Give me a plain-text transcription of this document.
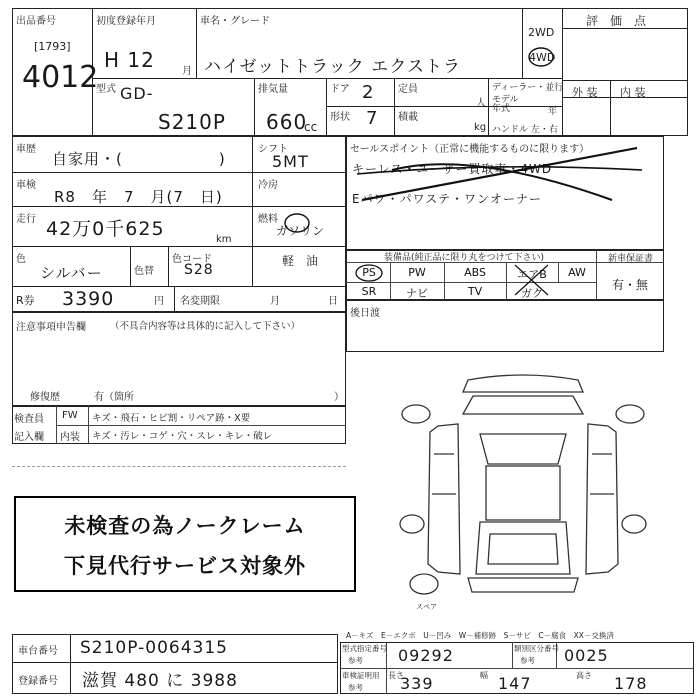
出品番号
[1793]
4012
初度登録年月
H 12	月
車名・グレード
ハイゼットトラック エクストラ
2WD
4WD
評　価　点
型式 GD-
S210P
排気量
660
cc
ドア 2 定員
人
形状 7 積載
kg
ディーラー・並行
モデル年式	年
ハンドル 左・右
外 装 内 装
車歴
自家用・(　　　　　　)
シフト
5MT
車検
R8　年　7　月(7　日)
冷房
走行 42万0千625	km
燃料
ガソリン
軽　油
色
シルバー	色替
色コード
S28
R券 3390	円 名変期限	月	日
セールスポイント（正常に機能するものに限ります）
キーレス・ユーザー買取車・4WD
Eパワ・パワステ・ワンオーナー
装備品(純正品に限り丸をつけて下さい)	新車保証書
PS	PW	ABS	エアB	AW
SR	ナビ	TV	ガク
有・無
後日渡
注意事項申告欄	（不具合内容等は具体的に記入して下さい）
修復歴	有（箇所	）
検査員
記入欄
FW キズ・飛石・ヒビ割・リペア跡・X要
内装 キズ・汚レ・コゲ・穴・スレ・キレ・破レ
未検査の為ノークレーム
下見代行サービス対象外
スペア
A－キズ　E－エクボ　U－凹み　W－補修跡　S－サビ　C－腐食　XX－交換済
車台番号 S210P-0064315
登録番号 滋賀 480 に 3988
型式指定番号
参考 09292	類別区分番号
参考 0025
車検証明用
参考
長さ
339	幅 147	高さ 178
